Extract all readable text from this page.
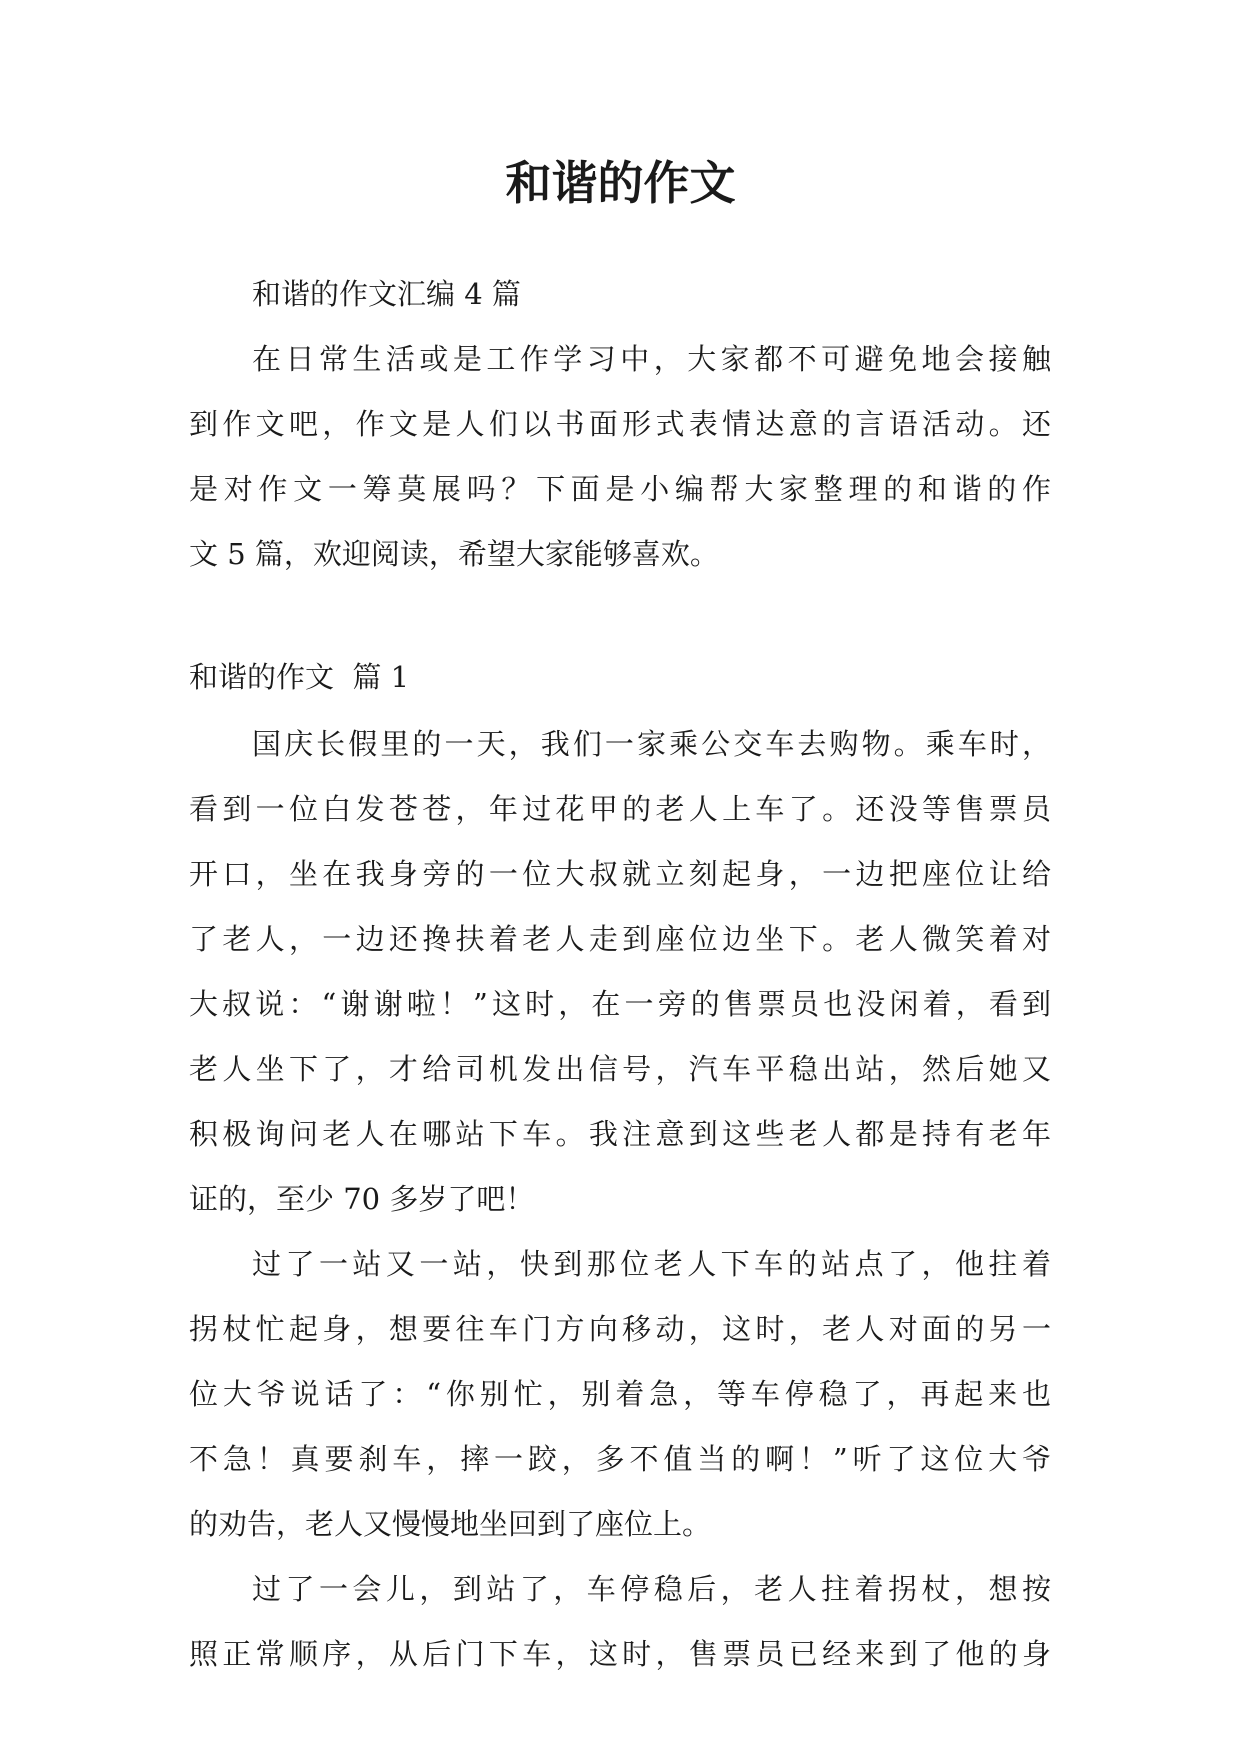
和谐的作文

和谐的作文汇编 4 篇

在日常生活或是工作学习中，大家都不可避免地会接触

到作文吧，作文是人们以书面形式表情达意的言语活动。还

是对作文一筹莫展吗？下面是小编帮大家整理的和谐的作

文 5 篇，欢迎阅读，希望大家能够喜欢。

和谐的作文  篇 1

国庆长假里的一天，我们一家乘公交车去购物。乘车时，

看到一位白发苍苍，年过花甲的老人上车了。还没等售票员

开口，坐在我身旁的一位大叔就立刻起身，一边把座位让给

了老人，一边还搀扶着老人走到座位边坐下。老人微笑着对

大叔说：“谢谢啦！”这时，在一旁的售票员也没闲着，看到

老人坐下了，才给司机发出信号，汽车平稳出站，然后她又

积极询问老人在哪站下车。我注意到这些老人都是持有老年

证的，至少 70 多岁了吧！

过了一站又一站，快到那位老人下车的站点了，他拄着

拐杖忙起身，想要往车门方向移动，这时，老人对面的另一

位大爷说话了：“你别忙，别着急，等车停稳了，再起来也

不急！真要刹车，摔一跤，多不值当的啊！”听了这位大爷

的劝告，老人又慢慢地坐回到了座位上。

过了一会儿，到站了，车停稳后，老人拄着拐杖，想按

照正常顺序，从后门下车，这时，售票员已经来到了他的身
